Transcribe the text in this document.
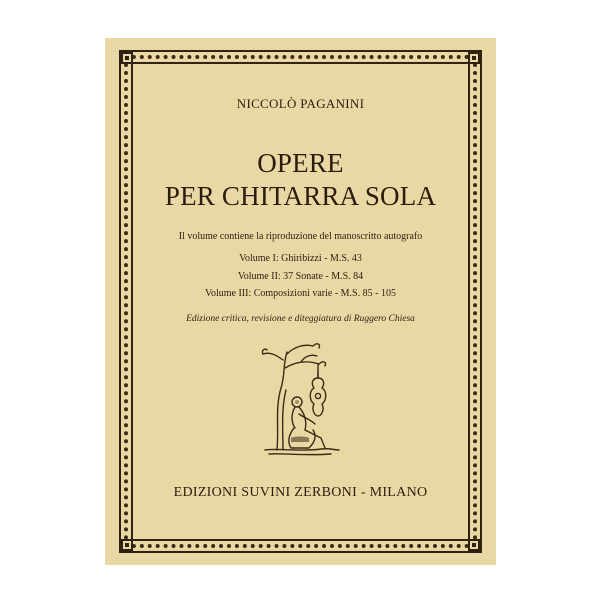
NICCOLÒ PAGANINI
OPERE
PER CHITARRA SOLA
Il volume contiene la riproduzione del manoscritto autografo
Volume I: Ghiribizzi - M.S. 43
Volume II: 37 Sonate - M.S. 84
Volume III: Composizioni varie - M.S. 85 - 105
Edizione critica, revisione e diteggiatura di Ruggero Chiesa
EDIZIONI SUVINI ZERBONI - MILANO
